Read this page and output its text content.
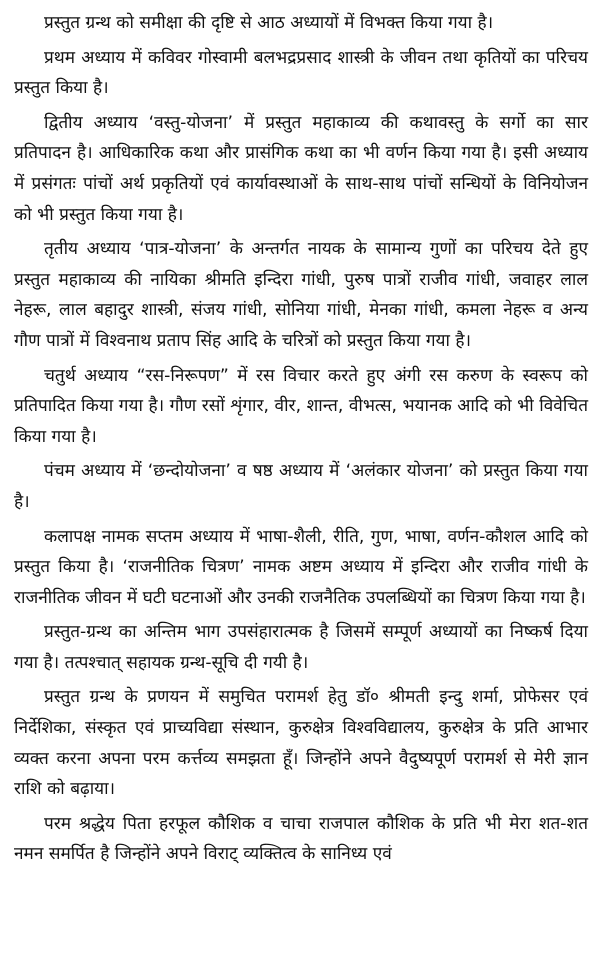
प्रस्तुत ग्रन्थ को समीक्षा की दृष्टि से आठ अध्यायों में विभक्त किया गया है।

प्रथम अध्याय में कविवर गोस्वामी बलभद्रप्रसाद शास्त्री के जीवन तथा कृतियों का परिचय प्रस्तुत किया है।

द्वितीय अध्याय ‘वस्तु-योजना’ में प्रस्तुत महाकाव्य की कथावस्तु के सर्गो का सार प्रतिपादन है। आधिकारिक कथा और प्रासंगिक कथा का भी वर्णन किया गया है। इसी अध्याय में प्रसंगतः पांचों अर्थ प्रकृतियों एवं कार्यावस्थाओं के साथ-साथ पांचों सन्धियों के विनियोजन को भी प्रस्तुत किया गया है।

तृतीय अध्याय ‘पात्र-योजना’ के अन्तर्गत नायक के सामान्य गुणों का परिचय देते हुए प्रस्तुत महाकाव्य की नायिका श्रीमति इन्दिरा गांधी, पुरुष पात्रों राजीव गांधी, जवाहर लाल नेहरू, लाल बहादुर शास्त्री, संजय गांधी, सोनिया गांधी, मेनका गांधी, कमला नेहरू व अन्य गौण पात्रों में विश्वनाथ प्रताप सिंह आदि के चरित्रों को प्रस्तुत किया गया है।

चतुर्थ अध्याय “रस-निरूपण” में रस विचार करते हुए अंगी रस करुण के स्वरूप को प्रतिपादित किया गया है। गौण रसों शृंगार, वीर, शान्त, वीभत्स, भयानक आदि को भी विवेचित किया गया है।

पंचम अध्याय में ‘छन्दोयोजना’ व षष्ठ अध्याय में ‘अलंकार योजना’ को प्रस्तुत किया गया है।

कलापक्ष नामक सप्तम अध्याय में भाषा-शैली, रीति, गुण, भाषा, वर्णन-कौशल आदि को प्रस्तुत किया है। ‘राजनीतिक चित्रण’ नामक अष्टम अध्याय में इन्दिरा और राजीव गांधी के राजनीतिक जीवन में घटी घटनाओं और उनकी राजनैतिक उपलब्धियों का चित्रण किया गया है।

प्रस्तुत-ग्रन्थ का अन्तिम भाग उपसंहारात्मक है जिसमें सम्पूर्ण अध्यायों का निष्कर्ष दिया गया है। तत्पश्चात् सहायक ग्रन्थ-सूचि दी गयी है।

प्रस्तुत ग्रन्थ के प्रणयन में समुचित परामर्श हेतु डॉ० श्रीमती इन्दु शर्मा, प्रोफेसर एवं निर्देशिका, संस्कृत एवं प्राच्यविद्या संस्थान, कुरुक्षेत्र विश्वविद्यालय, कुरुक्षेत्र के प्रति आभार व्यक्त करना अपना परम कर्त्तव्य समझता हूँ। जिन्होंने अपने वैदुष्यपूर्ण परामर्श से मेरी ज्ञान राशि को बढ़ाया।

परम श्रद्धेय पिता हरफूल कौशिक व चाचा राजपाल कौशिक के प्रति भी मेरा शत-शत नमन समर्पित है जिन्होंने अपने विराट् व्यक्तित्व के सानिध्य एवं
